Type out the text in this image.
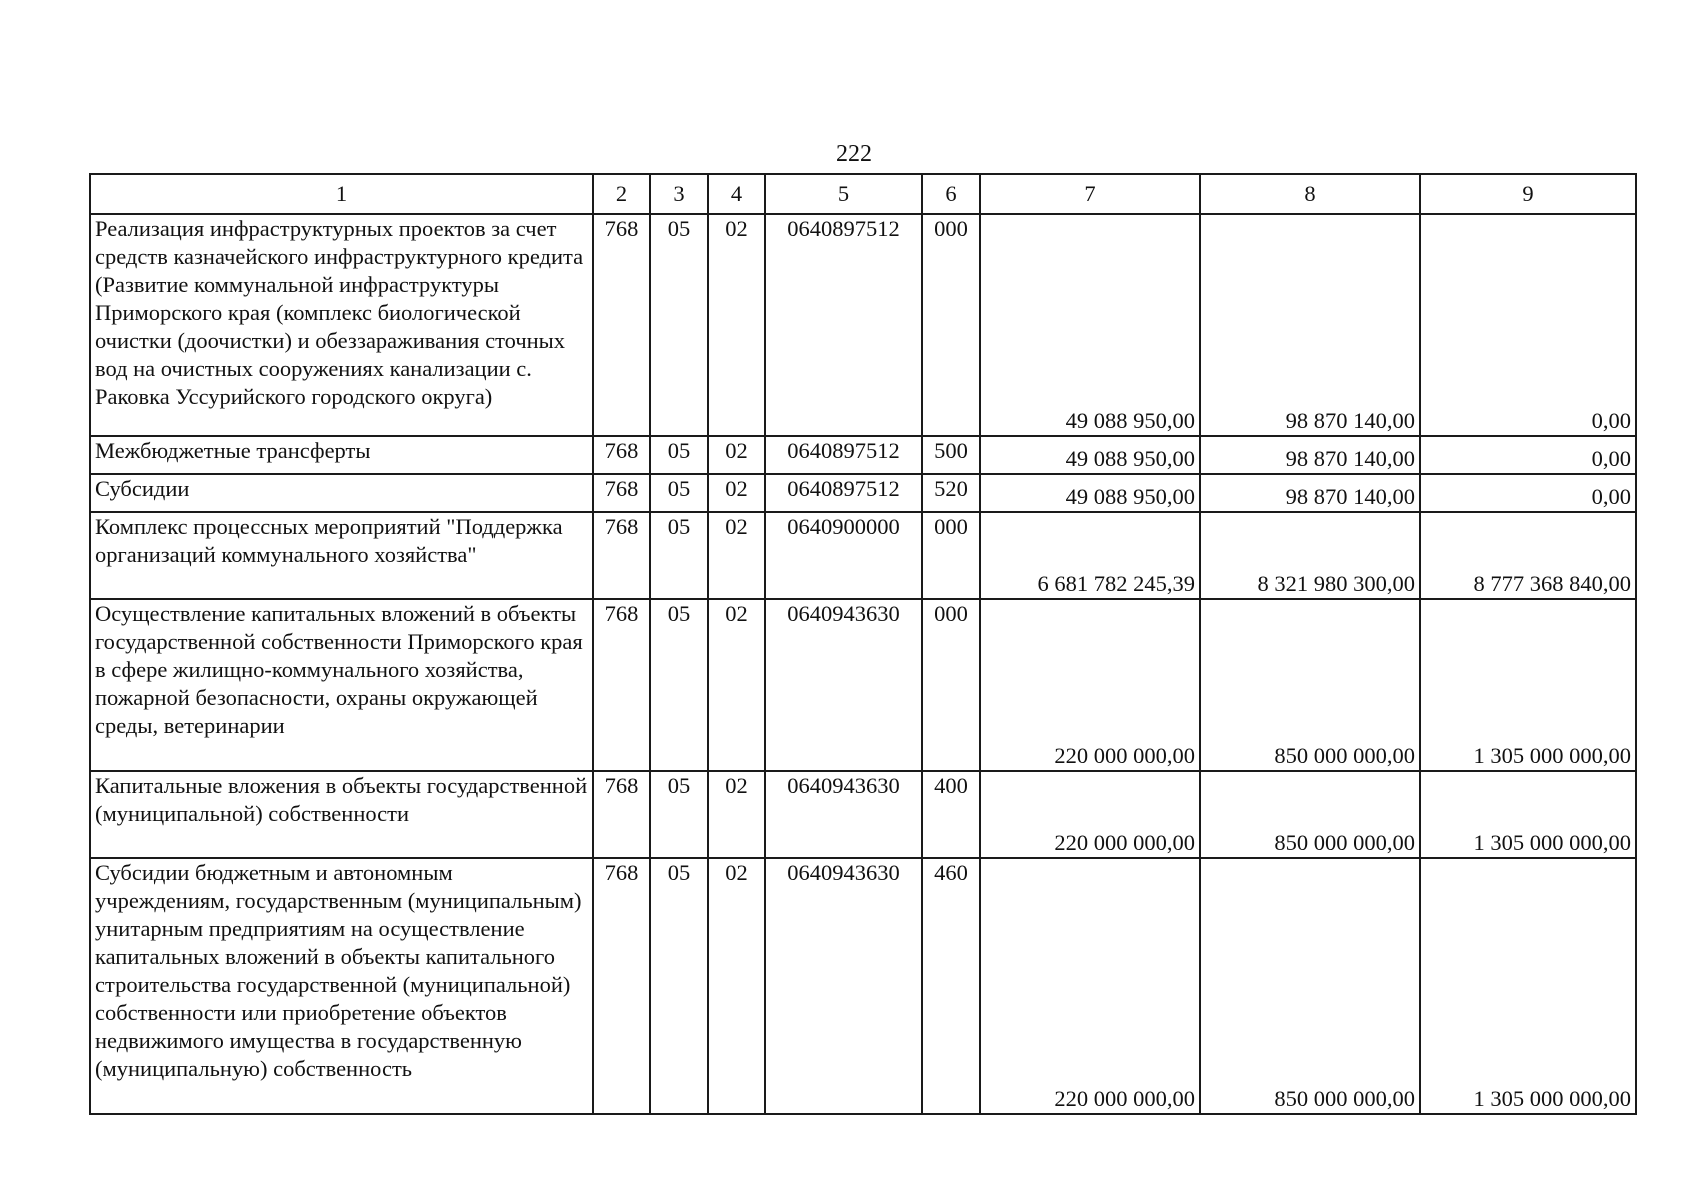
222
1	2	3	4	5	6	7	8	9
Реализация инфраструктурных проектов за счет средств казначейского инфраструктурного кредита (Развитие коммунальной инфраструктуры Приморского края (комплекс биологической очистки (доочистки) и обеззараживания сточных вод на очистных сооружениях канализации с. Раковка Уссурийского городского округа)	768	05	02	0640897512	000	49 088 950,00	98 870 140,00	0,00
Межбюджетные трансферты	768	05	02	0640897512	500	49 088 950,00	98 870 140,00	0,00
Субсидии	768	05	02	0640897512	520	49 088 950,00	98 870 140,00	0,00
Комплекс процессных мероприятий "Поддержка организаций коммунального хозяйства"	768	05	02	0640900000	000	6 681 782 245,39	8 321 980 300,00	8 777 368 840,00
Осуществление капитальных вложений в объекты государственной собственности Приморского края в сфере жилищно-коммунального хозяйства, пожарной безопасности, охраны окружающей среды, ветеринарии	768	05	02	0640943630	000	220 000 000,00	850 000 000,00	1 305 000 000,00
Капитальные вложения в объекты государственной (муниципальной) собственности	768	05	02	0640943630	400	220 000 000,00	850 000 000,00	1 305 000 000,00
Субсидии бюджетным и автономным учреждениям, государственным (муниципальным) унитарным предприятиям на осуществление капитальных вложений в объекты капитального строительства государственной (муниципальной) собственности или приобретение объектов недвижимого имущества в государственную (муниципальную) собственность	768	05	02	0640943630	460	220 000 000,00	850 000 000,00	1 305 000 000,00
